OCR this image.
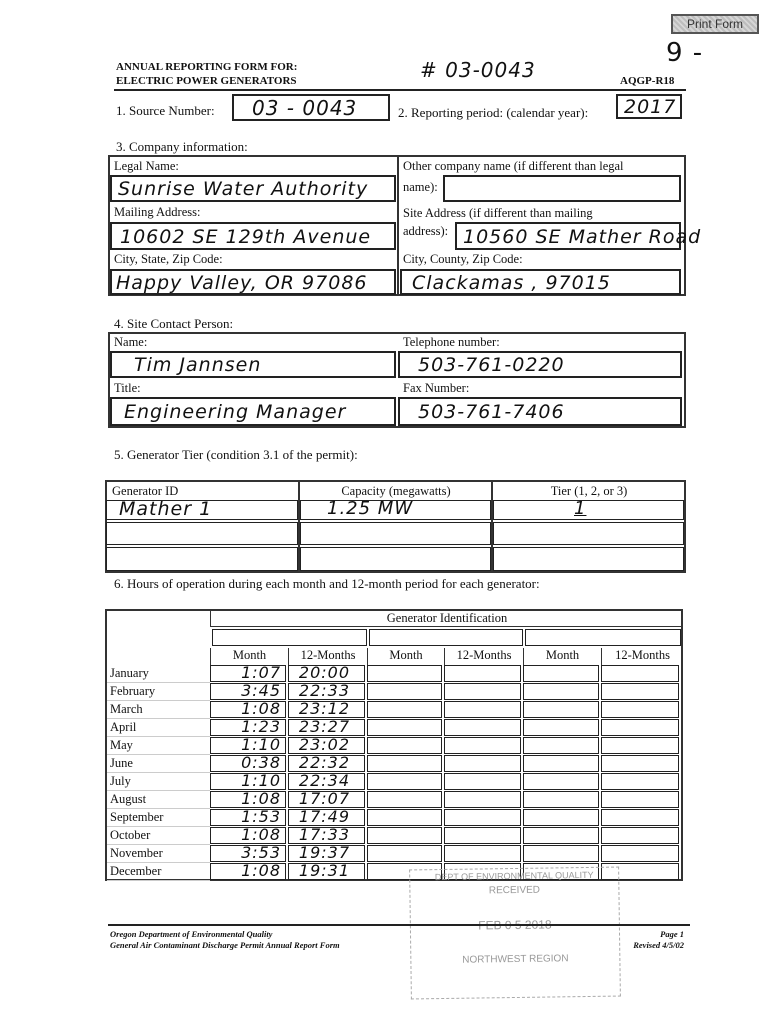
Print Form
9 -
ANNUAL REPORTING FORM FOR:
ELECTRIC POWER GENERATORS	# 03-0043	AQGP-R18
1. Source Number: 03 - 0043	2. Reporting period: (calendar year): 2017
3. Company information:
Legal Name:
Sunrise Water Authority
Other company name (if different than legal
name):
Mailing Address:
10602 SE 129th Avenue
Site Address (if different than mailing
address): 10560 SE Mather Road
City, State, Zip Code:
Happy Valley, OR 97086
City, County, Zip Code:
Clackamas , 97015
4. Site Contact Person:
Name:
Tim Jannsen
Telephone number:
503-761-0220
Title:
Engineering Manager
Fax Number:
503-761-7406
5. Generator Tier (condition 3.1 of the permit):
Generator ID	Capacity (megawatts)	Tier (1, 2, or 3)
Mather 1	1.25 MW	1
6. Hours of operation during each month and 12-month period for each generator:
Generator Identification
Month	12-Months	Month	12-Months	Month	12-Months
January	1:07 20:00
February	3:45 22:33
March	1:08 23:12
April	1:23 23:27
May	1:10 23:02
June	0:38 22:32
July	1:10 22:34
August	1:08 17:07
September	1:53 17:49
October	1:08 17:33
November	3:53 19:37
December	1:08 19:31	DEPT OF ENVIRONMENTAL QUALITY
RECEIVED
NORTHWEST REGION
Oregon Department of Environmental Quality
General Air Contaminant Discharge Permit Annual Report Form
Page 1
Revised 4/5/02
